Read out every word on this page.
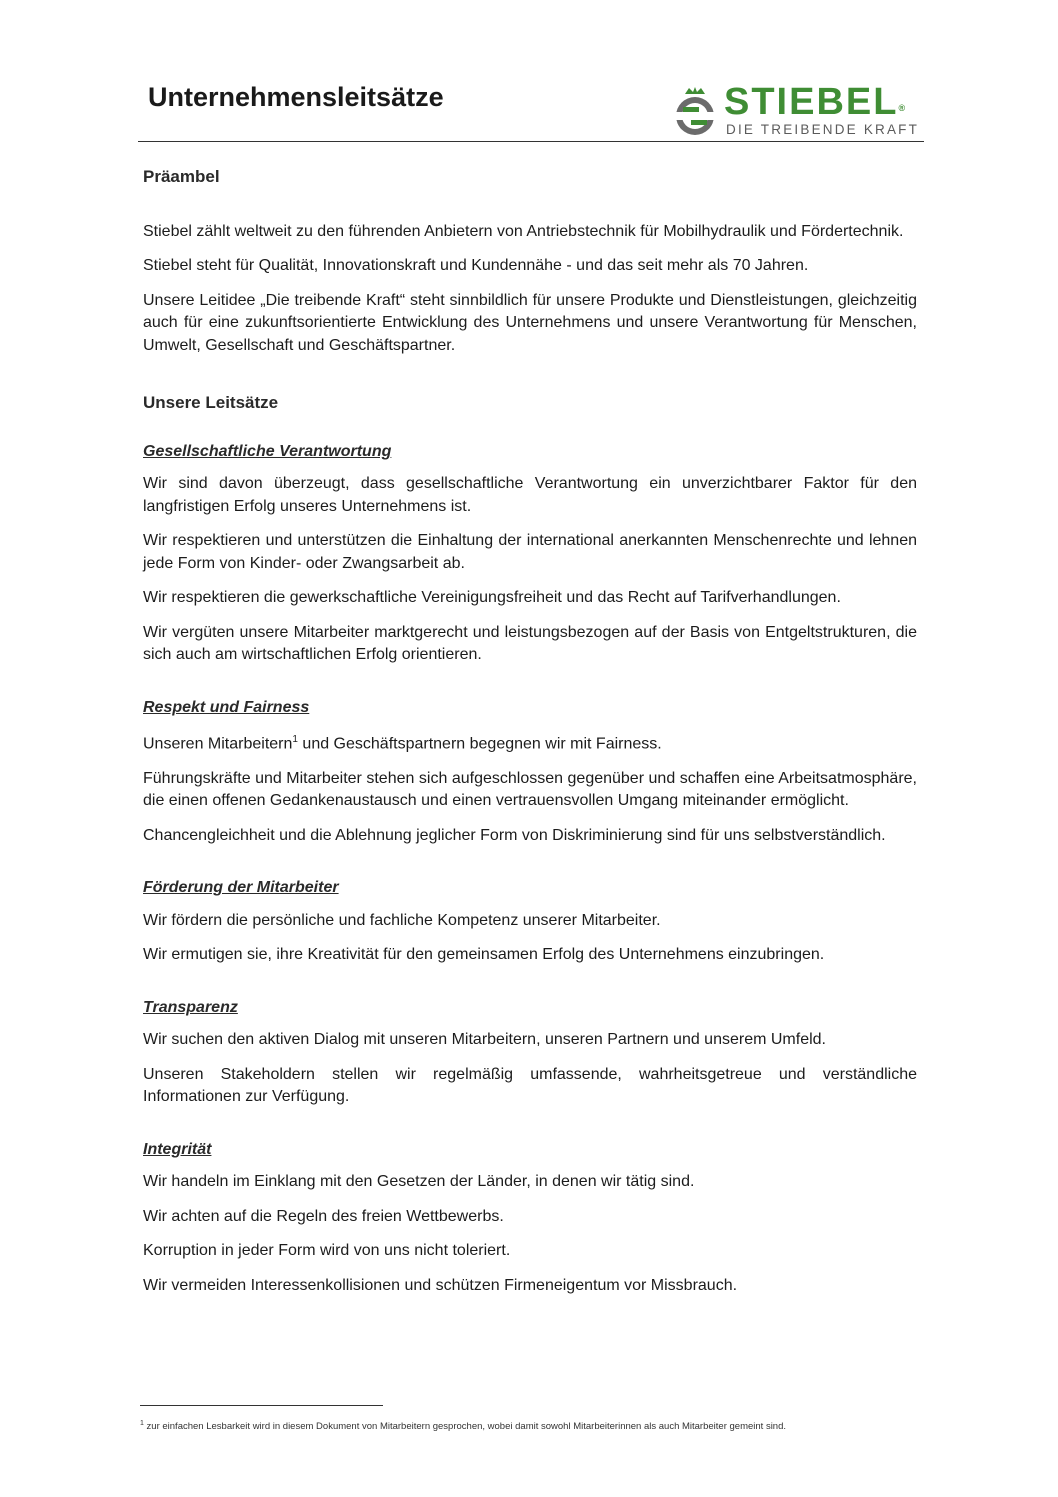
Unternehmensleitsätze	STIEBEL®
DIE TREIBENDE KRAFT
Präambel

Stiebel zählt weltweit zu den führenden Anbietern von Antriebstechnik für Mobilhydraulik und Fördertechnik.

Stiebel steht für Qualität, Innovationskraft und Kundennähe - und das seit mehr als 70 Jahren.

Unsere Leitidee „Die treibende Kraft“ steht sinnbildlich für unsere Produkte und Dienstleistungen, gleichzeitig auch für eine zukunftsorientierte Entwicklung des Unternehmens und unsere Verantwortung für Menschen, Umwelt, Gesellschaft und Geschäftspartner.

Unsere Leitsätze
Gesellschaftliche Verantwortung

Wir sind davon überzeugt, dass gesellschaftliche Verantwortung ein unverzichtbarer Faktor für den langfristigen Erfolg unseres Unternehmens ist.

Wir respektieren und unterstützen die Einhaltung der international anerkannten Menschenrechte und lehnen jede Form von Kinder- oder Zwangsarbeit ab.

Wir respektieren die gewerkschaftliche Vereinigungsfreiheit und das Recht auf Tarifverhandlungen.

Wir vergüten unsere Mitarbeiter marktgerecht und leistungsbezogen auf der Basis von Entgeltstrukturen, die sich auch am wirtschaftlichen Erfolg orientieren.

Respekt und Fairness

Unseren Mitarbeitern$^1$ und Geschäftspartnern begegnen wir mit Fairness.

Führungskräfte und Mitarbeiter stehen sich aufgeschlossen gegenüber und schaffen eine Arbeitsatmosphäre, die einen offenen Gedankenaustausch und einen vertrauensvollen Umgang miteinander ermöglicht.

Chancengleichheit und die Ablehnung jeglicher Form von Diskriminierung sind für uns selbstverständlich.

Förderung der Mitarbeiter

Wir fördern die persönliche und fachliche Kompetenz unserer Mitarbeiter.

Wir ermutigen sie, ihre Kreativität für den gemeinsamen Erfolg des Unternehmens einzubringen.

Transparenz

Wir suchen den aktiven Dialog mit unseren Mitarbeitern, unseren Partnern und unserem Umfeld.

Unseren Stakeholdern stellen wir regelmäßig umfassende, wahrheitsgetreue und verständliche Informationen zur Verfügung.

Integrität

Wir handeln im Einklang mit den Gesetzen der Länder, in denen wir tätig sind.

Wir achten auf die Regeln des freien Wettbewerbs.

Korruption in jeder Form wird von uns nicht toleriert.

Wir vermeiden Interessenkollisionen und schützen Firmeneigentum vor Missbrauch.

$^1$ zur einfachen Lesbarkeit wird in diesem Dokument von Mitarbeitern gesprochen, wobei damit sowohl Mitarbeiterinnen als auch Mitarbeiter gemeint sind.
